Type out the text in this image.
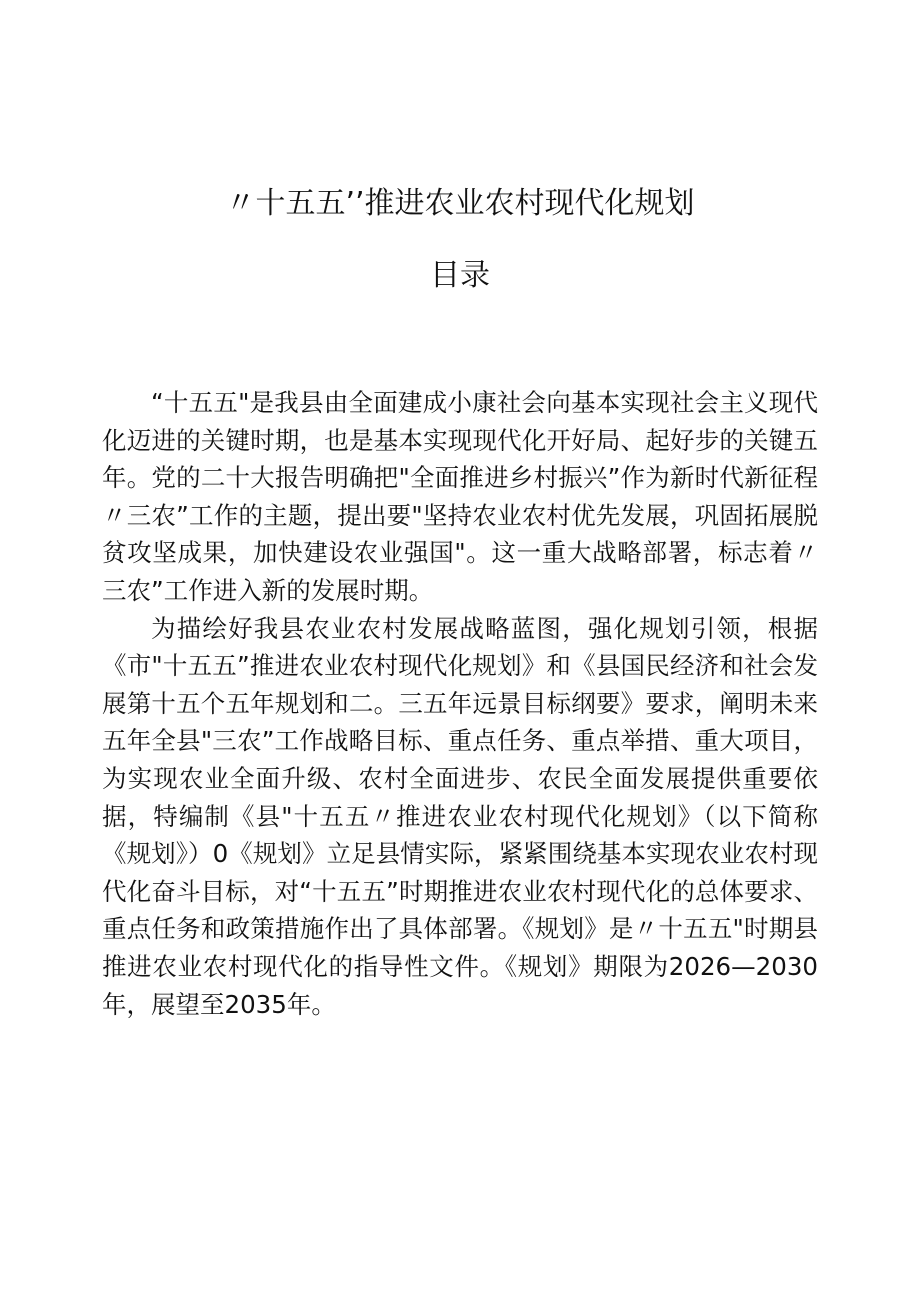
〃十五五’’推进农业农村现代化规划
目录

“十五五"是我县由全面建成小康社会向基本实现社会主义现代化迈进的关键时期，也是基本实现现代化开好局、起好步的关键五年。党的二十大报告明确把"全面推进乡村振兴”作为新时代新征程〃三农”工作的主题，提出要"坚持农业农村优先发展，巩固拓展脱贫攻坚成果，加快建设农业强国"。这一重大战略部署，标志着〃三农”工作进入新的发展时期。

为描绘好我县农业农村发展战略蓝图，强化规划引领，根据《市"十五五”推进农业农村现代化规划》和《县国民经济和社会发展第十五个五年规划和二。三五年远景目标纲要》要求，阐明未来五年全县"三农”工作战略目标、重点任务、重点举措、重大项目，为实现农业全面升级、农村全面进步、农民全面发展提供重要依据，特编制《县"十五五〃推进农业农村现代化规划》（以下简称《规划》）0《规划》立足县情实际，紧紧围绕基本实现农业农村现代化奋斗目标，对“十五五”时期推进农业农村现代化的总体要求、重点任务和政策措施作出了具体部署。《规划》是〃十五五"时期县推进农业农村现代化的指导性文件。《规划》期限为2026—2030年，展望至2035年。
